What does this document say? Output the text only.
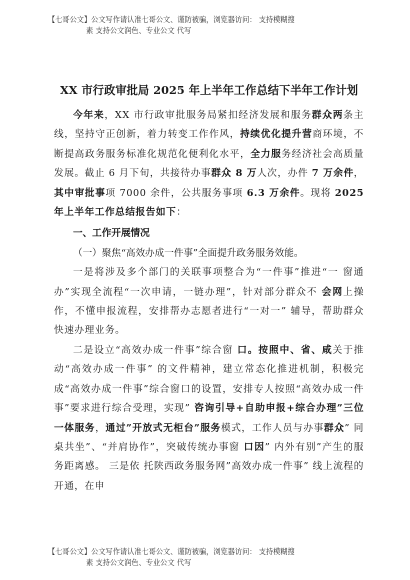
【七哥公文】公文写作请认准七哥公文、谨防被骗，浏览器访问： 支持模糊搜
素 支持公文润色、专业公文 代写
XX 市行政审批局 2025 年上半年工作总结下半年工作计划

今年来，XX 市行政审批服务局紧扣经济发展和服务群众两条主线，坚持守正创新，着力转变工作作风，持续优化提升营商环境，不断提高政务服务标准化规范化便利化水平，全力服务经济社会高质量发展。截止 6 月下旬，共接待办事群众 8 万人次，办件 7 万余件，其中审批事项 7000 余件，公共服务事项 6.3 万余件。现将 2025 年上半年工作总结报告如下：

一、工作开展情况
（一）聚焦“高效办成一件事”全面提升政务服务效能。

一是将涉及多个部门的关联事项整合为“一件事”推进“一 窗通办”实现全流程“一次申请，一链办理”，针对部分群众不 会网上操作，不懂申报流程，安排帮办志愿者进行“一对一” 辅导，帮助群众快速办理业务。

二是设立“高效办成一件事”综合窗 口。按照中、省、咸关于推动“高效办成一件事” 的文件精神，建立常态化推进机制，积极完成“高效办成一件事”综合窗口的设置，安排专人按照“高效办成一件事”要求进行综合受理，实现” 咨询引导+自助申报+综合办理”三位一体服务，通过”开放式无柜台”服务模式，工作人员与办事群众” 同桌共坐”、“并肩协作”，突破传统办事窗 口因” 内外有别”产生的服务距离感。 三是依 托陕西政务服务网”高效办成一件事” 线上流程的开通，在申

【七哥公文】公文写作请认准七哥公文、谨防被骗，浏览器访问： 支持模糊搜
素 支持公文润色、专业公文 代写
